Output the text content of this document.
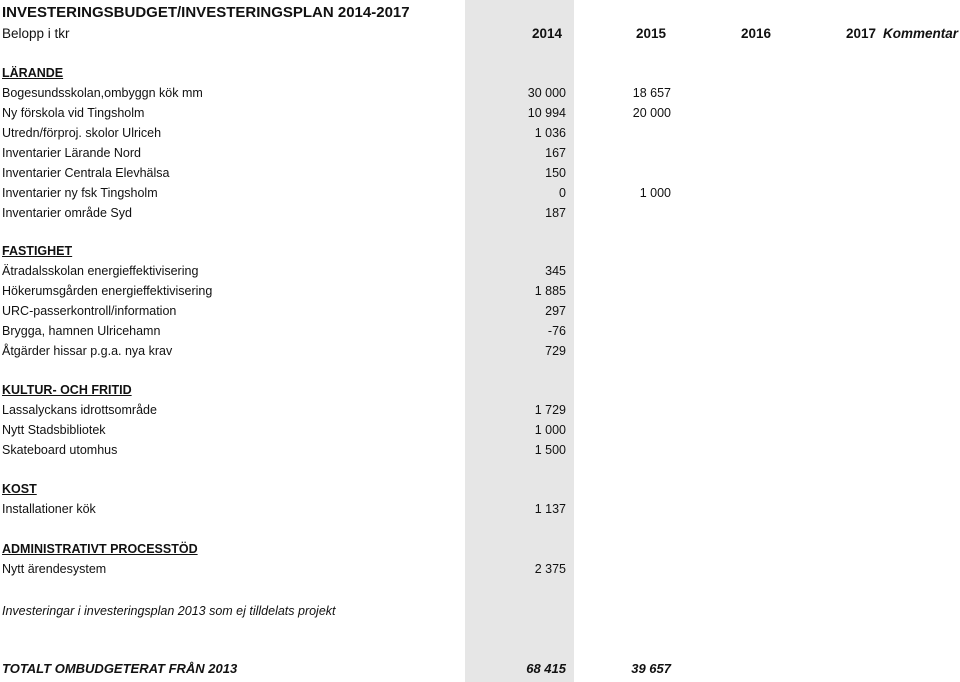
INVESTERINGSBUDGET/INVESTERINGSPLAN 2014-2017
Belopp i tkr	2014	2015	2016	2017 Kommentar
LÄRANDE
Bogesundsskolan,ombyggn kök mm	30 000	18 657
Ny förskola vid Tingsholm	10 994	20 000
Utredn/förproj. skolor Ulriceh	1 036
Inventarier Lärande Nord	167
Inventarier Centrala Elevhälsa	150
Inventarier ny fsk Tingsholm	0	1 000
Inventarier område Syd	187
FASTIGHET
Ätradalsskolan energieffektivisering	345
Hökerumsgården energieffektivisering	1 885
URC-passerkontroll/information	297
Brygga, hamnen Ulricehamn	-76
Åtgärder hissar p.g.a. nya krav	729
KULTUR- OCH FRITID
Lassalyckans idrottsområde	1 729
Nytt Stadsbibliotek	1 000
Skateboard utomhus	1 500
KOST
Installationer kök	1 137
ADMINISTRATIVT PROCESSTÖD
Nytt ärendesystem	2 375
Investeringar i investeringsplan 2013 som ej tilldelats projekt
TOTALT OMBUDGETERAT FRÅN 2013	68 415	39 657
